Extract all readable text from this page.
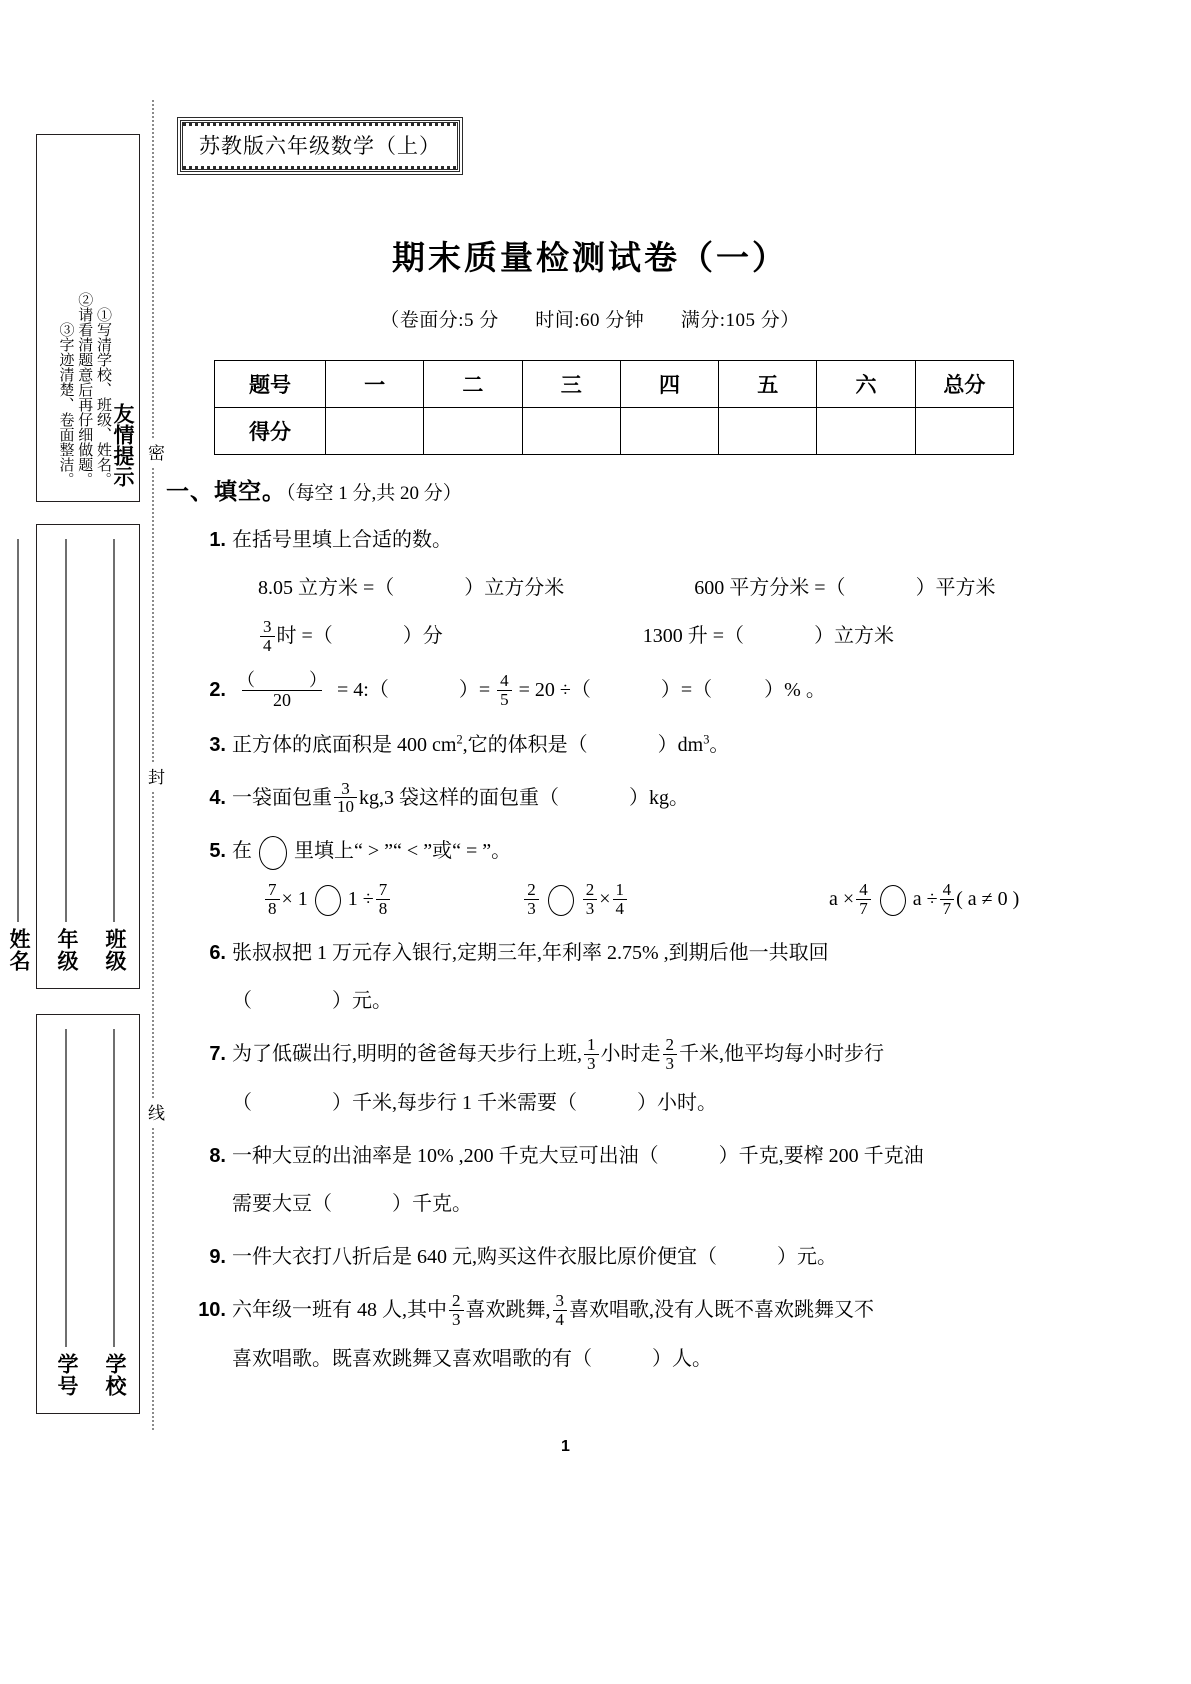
密
封
线
友情提示
①写清学校、班级、姓名。
②请看清题意后再仔细做题。
③字迹清楚、卷面整洁。
班级
年级
姓名
学校
学号
苏教版六年级数学（上）
期末质量检测试卷（一）
（卷面分:5 分 时间:60 分钟 满分:105 分）
题号	一	二	三	四	五	六	总分
得分							
一、填空。（每空 1 分,共 20 分）
1. 在括号里填上合适的数。
8.05 立方米 =（	）立方分米	600 平方分米 =（	）平方米
$\frac{3}{4}$ 时 =（	）分	1300 升 =（	）立方米
2. $\frac{( )}{20}$ = 4:（	）= $\frac{4}{5} = 20$ ÷（	）=（	）% 。
3. 正方体的底面积是 400 $cm^2$,它的体积是（	）$dm^3$。
4. 一袋面包重 $\frac{3}{10} kg,3$ 袋这样的面包重（	）kg。
5. 在 里填上“ > ”“ < ”或“ = ”。

$\frac{7}{8} \times 1$ $1 \div \frac{7}{8}$
	$\frac{2}{3}$	$\frac{2}{3} \times \frac{1}{4}$	$a \times \frac{4}{7}$ $a \div \frac{4}{7}$ ( a ≠ 0 )
6. 张叔叔把 1 万元存入银行,定期三年,年利率 2.75% ,到期后他一共取回
（　　　　）元。
7. 为了低碳出行,明明的爸爸每天步行上班, $\frac{1}{3}$ 小时走 $\frac{2}{3}$ 千米,他平均每小时步行
（　　　　）千米,每步行 1 千米需要（　　　）小时。
8. 一种大豆的出油率是 10% ,200 千克大豆可出油（　　　）千克,要榨 200 千克油
需要大豆（　　　）千克。
9. 一件大衣打八折后是 640 元,购买这件衣服比原价便宜（　　　）元。
10. 六年级一班有 48 人,其中 $\frac{2}{3}$ 喜欢跳舞, $\frac{3}{4}$ 喜欢唱歌,没有人既不喜欢跳舞又不
喜欢唱歌。既喜欢跳舞又喜欢唱歌的有（　　　）人。
1
